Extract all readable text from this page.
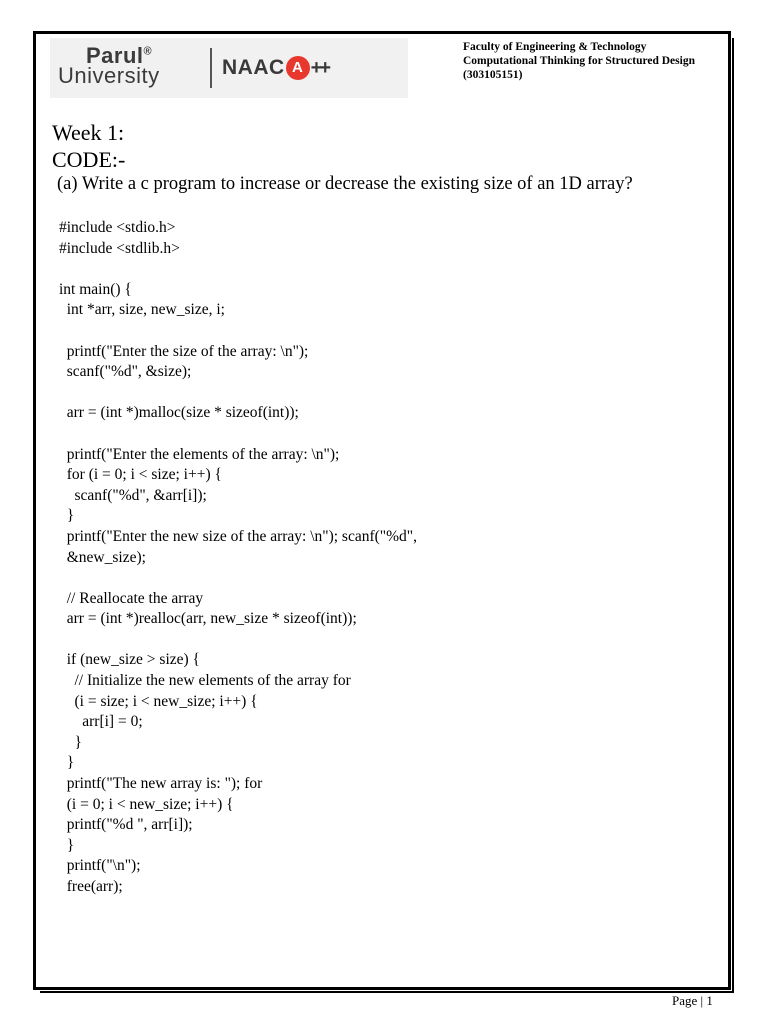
Parul®
University	NAAC A ++
Faculty of Engineering & Technology
Computational Thinking for Structured Design
(303105151)
Week 1:
CODE:-
(a) Write a c program to increase or decrease the existing size of an 1D array?
#include <stdio.h>
#include <stdlib.h>
int main() {
int *arr, size, new_size, i;
printf("Enter the size of the array: \n");
scanf("%d", &size);
arr = (int *)malloc(size * sizeof(int));
printf("Enter the elements of the array: \n");
for (i = 0; i < size; i++) {
scanf("%d", &arr[i]);
}
printf("Enter the new size of the array: \n"); scanf("%d",
&new_size);
// Reallocate the array
arr = (int *)realloc(arr, new_size * sizeof(int));
if (new_size > size) {
// Initialize the new elements of the array for
(i = size; i < new_size; i++) {
arr[i] = 0;
}
}
printf("The new array is: "); for
(i = 0; i < new_size; i++) {
printf("%d ", arr[i]);
}
printf("\n");
free(arr);
Page | 1
